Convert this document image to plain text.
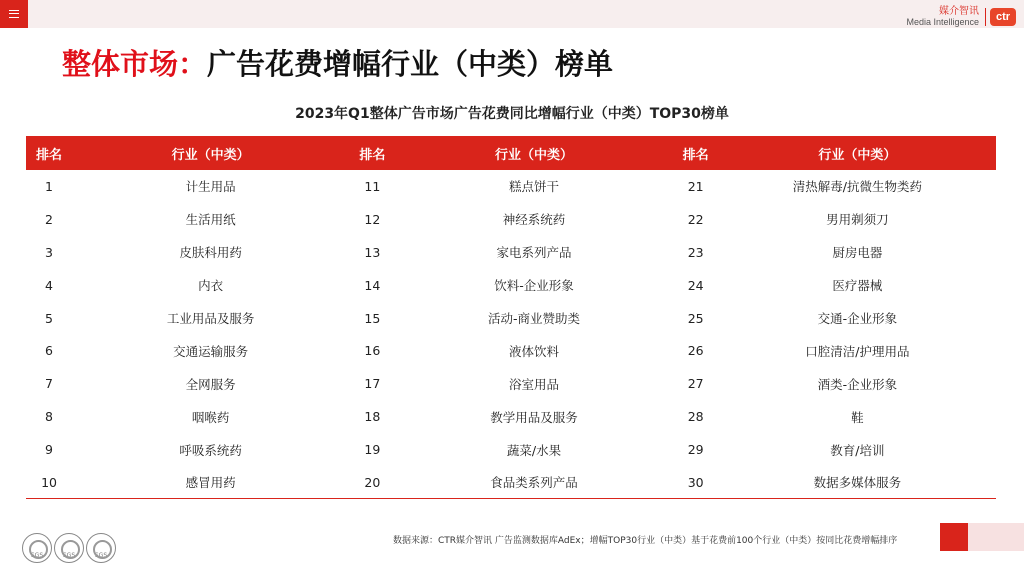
媒介智讯
Media Intelligence	ctr
整体市场：广告花费增幅行业（中类）榜单
2023年Q1整体广告市场广告花费同比增幅行业（中类）TOP30榜单
排名	行业（中类）	排名	行业（中类）	排名	行业（中类）
1	计生用品	11	糕点饼干	21	清热解毒/抗微生物类药
2	生活用纸	12	神经系统药	22	男用剃须刀
3	皮肤科用药	13	家电系列产品	23	厨房电器
4	内衣	14	饮料-企业形象	24	医疗器械
5	工业用品及服务	15	活动-商业赞助类	25	交通-企业形象
6	交通运输服务	16	液体饮料	26	口腔清洁/护理用品
7	全网服务	17	浴室用品	27	酒类-企业形象
8	咽喉药	18	教学用品及服务	28	鞋
9	呼吸系统药	19	蔬菜/水果	29	教育/培训
10	感冒用药	20	食品类系列产品	30	数据多媒体服务
SGS	SGS	SGS
数据来源：CTR媒介智讯 广告监测数据库AdEx；增幅TOP30行业（中类）基于花费前100个行业（中类）按同比花费增幅排序
